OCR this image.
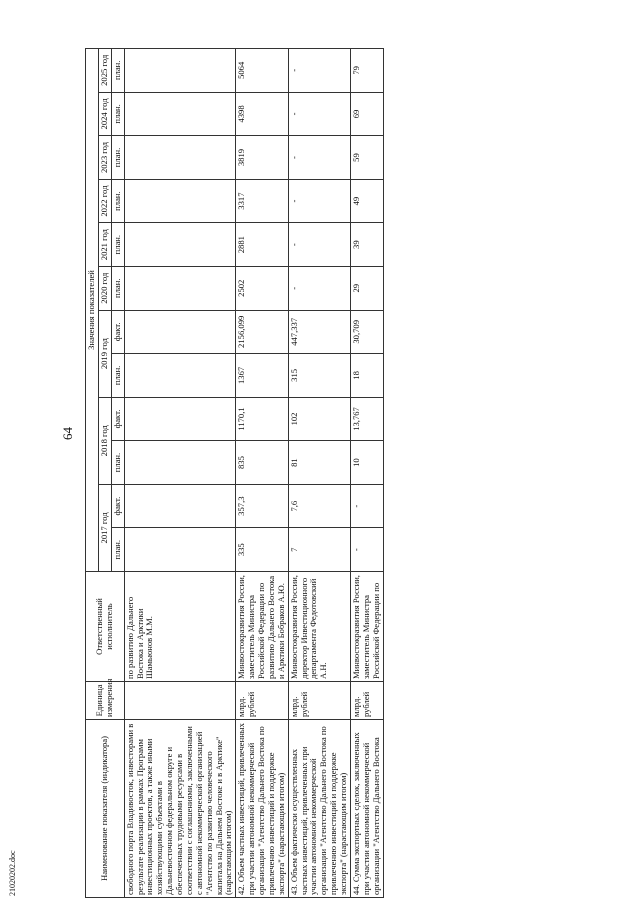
64
21020202.doc	Наименование показателя (индикатора)	Единица измерения	Ответственный исполнитель	Значения показателей											
			2017 год		2018 год		2019 год		2020 год	2021 год	2022 год	2023 год	2024 год	2025 год
			план.	факт.	план.	факт.	план.	факт.	план.	план.	план.	план.	план.	план.
свободного порта Владивосток, инвесторами в результате реализации в рамках Программ инвестиционных проектов, а также иными хозяйствующими субъектами в Дальневосточном федеральном округе и обеспеченных трудовыми ресурсами в соответствии с соглашениями, заключенными с автономной некоммерческой организацией "Агентство по развитию человеческого капитала на Дальнем Востоке и в Арктике" (нарастающим итогом)		по развитию Дальнего Востока и Арктики Шамьюнов М.М.												
42. Объем частных инвестиций, привлеченных при участии автономной некоммерческой организации "Агентство Дальнего Востока по привлечению инвестиций и поддержке экспорта" (нарастающим итогом)	млрд. рублей	Минвостокразвития России, заместитель Министра Российской Федерации по развитию Дальнего Востока и Арктики Бобраков А.Ю.	335	357,3	835	1170,1	1367	2156,099	2502	2881	3317	3819	4398	5064
43. Объем фактически осуществленных частных инвестиций, привлеченных при участии автономной некоммерческой организации "Агентство Дальнего Востока по привлечению инвестиций и поддержке экспорта" (нарастающим итогом)	млрд. рублей	Минвостокразвития России, директор Инвестиционного департамента Федотовский А.Н.	7	7,6	81	102	315	447,337	-	-	-	-	-	-
44. Сумма экспортных сделок, заключенных при участии автономной некоммерческой организации "Агентство Дальнего Востока	млрд. рублей	Минвостокразвития России, заместитель Министра Российской Федерации по	-	-	10	13,767	18	30,709	29	39	49	59	69	79
